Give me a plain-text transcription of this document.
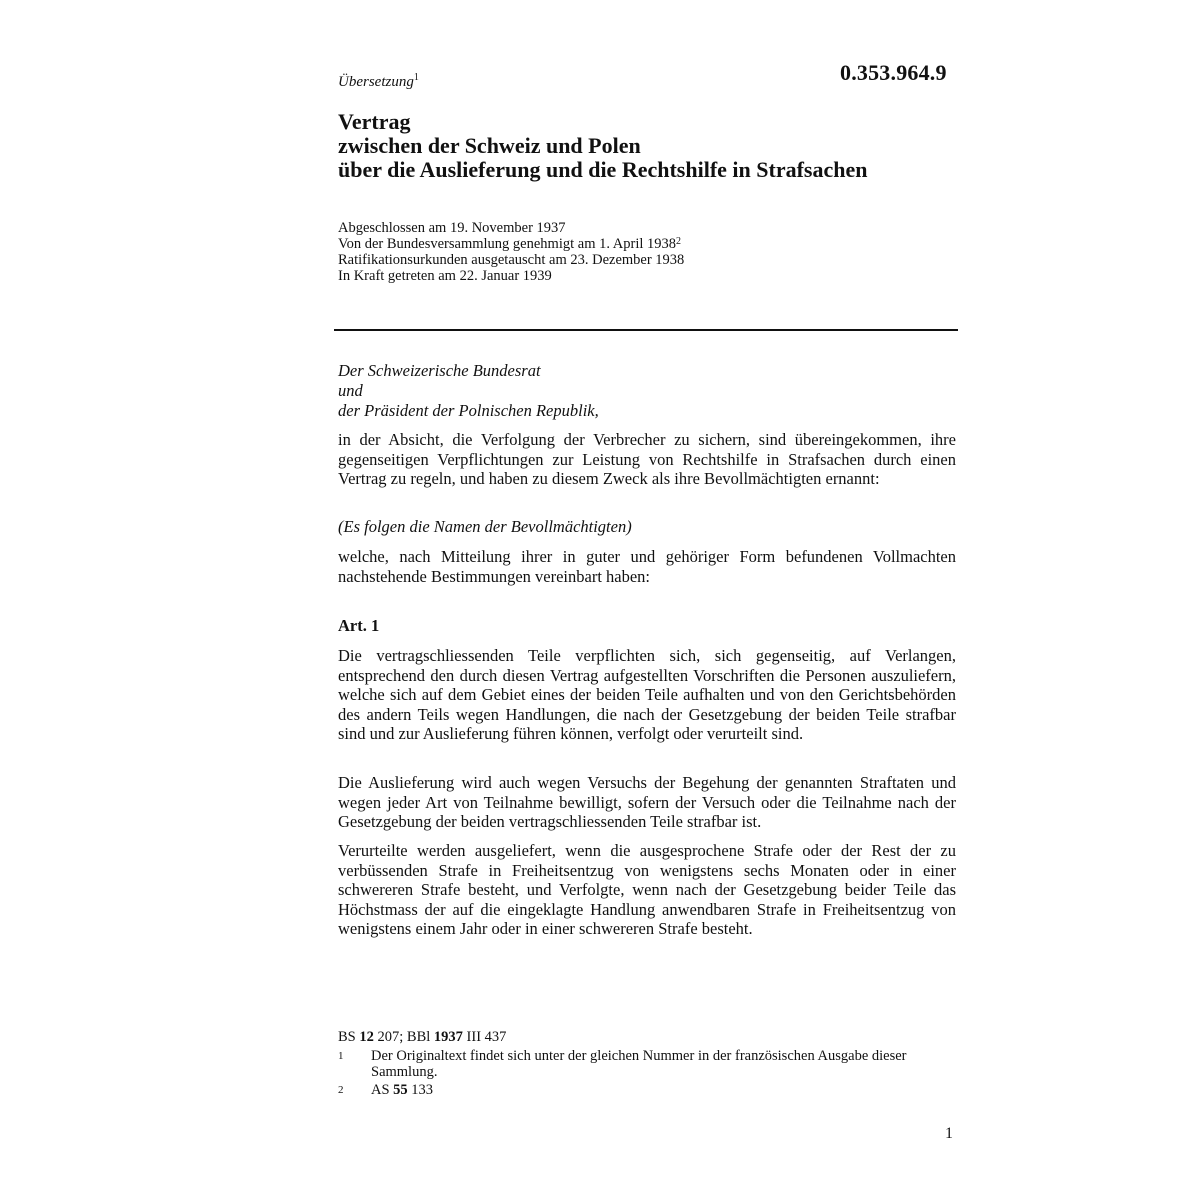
Übersetzung$^1$	0.353.964.9
Vertrag
zwischen der Schweiz und Polen
über die Auslieferung und die Rechtshilfe in Strafsachen
Abgeschlossen am 19. November 1937
Von der Bundesversammlung genehmigt am 1. April 1938$^2$
Ratifikationsurkunden ausgetauscht am 23. Dezember 1938
In Kraft getreten am 22. Januar 1939
Der Schweizerische Bundesrat
und
der Präsident der Polnischen Republik,
in der Absicht, die Verfolgung der Verbrecher zu sichern, sind übereingekommen, ihre gegenseitigen Verpflichtungen zur Leistung von Rechtshilfe in Strafsachen durch einen Vertrag zu regeln, und haben zu diesem Zweck als ihre Bevollmächtigten ernannt:
(Es folgen die Namen der Bevollmächtigten)
welche, nach Mitteilung ihrer in guter und gehöriger Form befundenen Vollmachten nachstehende Bestimmungen vereinbart haben:
Art. 1
Die vertragschliessenden Teile verpflichten sich, sich gegenseitig, auf Verlangen, entsprechend den durch diesen Vertrag aufgestellten Vorschriften die Personen auszuliefern, welche sich auf dem Gebiet eines der beiden Teile aufhalten und von den Gerichtsbehörden des andern Teils wegen Handlungen, die nach der Gesetzgebung der beiden Teile strafbar sind und zur Auslieferung führen können, verfolgt oder verurteilt sind.
Die Auslieferung wird auch wegen Versuchs der Begehung der genannten Straftaten und wegen jeder Art von Teilnahme bewilligt, sofern der Versuch oder die Teilnahme nach der Gesetzgebung der beiden vertragschliessenden Teile strafbar ist.
Verurteilte werden ausgeliefert, wenn die ausgesprochene Strafe oder der Rest der zu verbüssenden Strafe in Freiheitsentzug von wenigstens sechs Monaten oder in einer schwereren Strafe besteht, und Verfolgte, wenn nach der Gesetzgebung beider Teile das Höchstmass der auf die eingeklagte Handlung anwendbaren Strafe in Freiheitsentzug von wenigstens einem Jahr oder in einer schwereren Strafe besteht.
BS 12 207; BBl 1937 III 437
1 Der Originaltext findet sich unter der gleichen Nummer in der französischen Ausgabe dieser Sammlung.
2 AS 55 133
1
